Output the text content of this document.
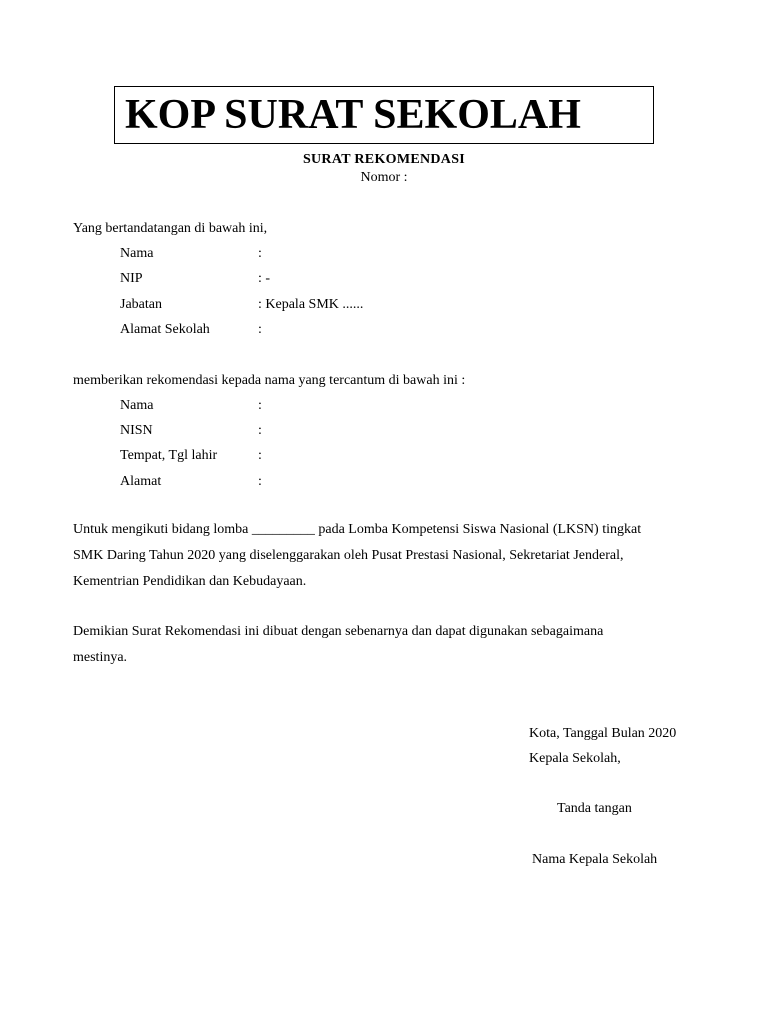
KOP SURAT SEKOLAH
SURAT REKOMENDASI
Nomor :
Yang bertandatangan di bawah ini,
Nama	:
NIP	: -
Jabatan	: Kepala SMK ......
Alamat Sekolah	:
memberikan rekomendasi kepada nama yang tercantum di bawah ini :
Nama	:
NISN	:
Tempat, Tgl lahir	:
Alamat	:
Untuk mengikuti bidang lomba _________ pada Lomba Kompetensi Siswa Nasional (LKSN) tingkat
SMK Daring Tahun 2020 yang diselenggarakan oleh Pusat Prestasi Nasional, Sekretariat Jenderal,
Kementrian Pendidikan dan Kebudayaan.
Demikian Surat Rekomendasi ini dibuat dengan sebenarnya dan dapat digunakan sebagaimana
mestinya.
Kota, Tanggal Bulan 2020
Kepala Sekolah,
Tanda tangan
Nama Kepala Sekolah
